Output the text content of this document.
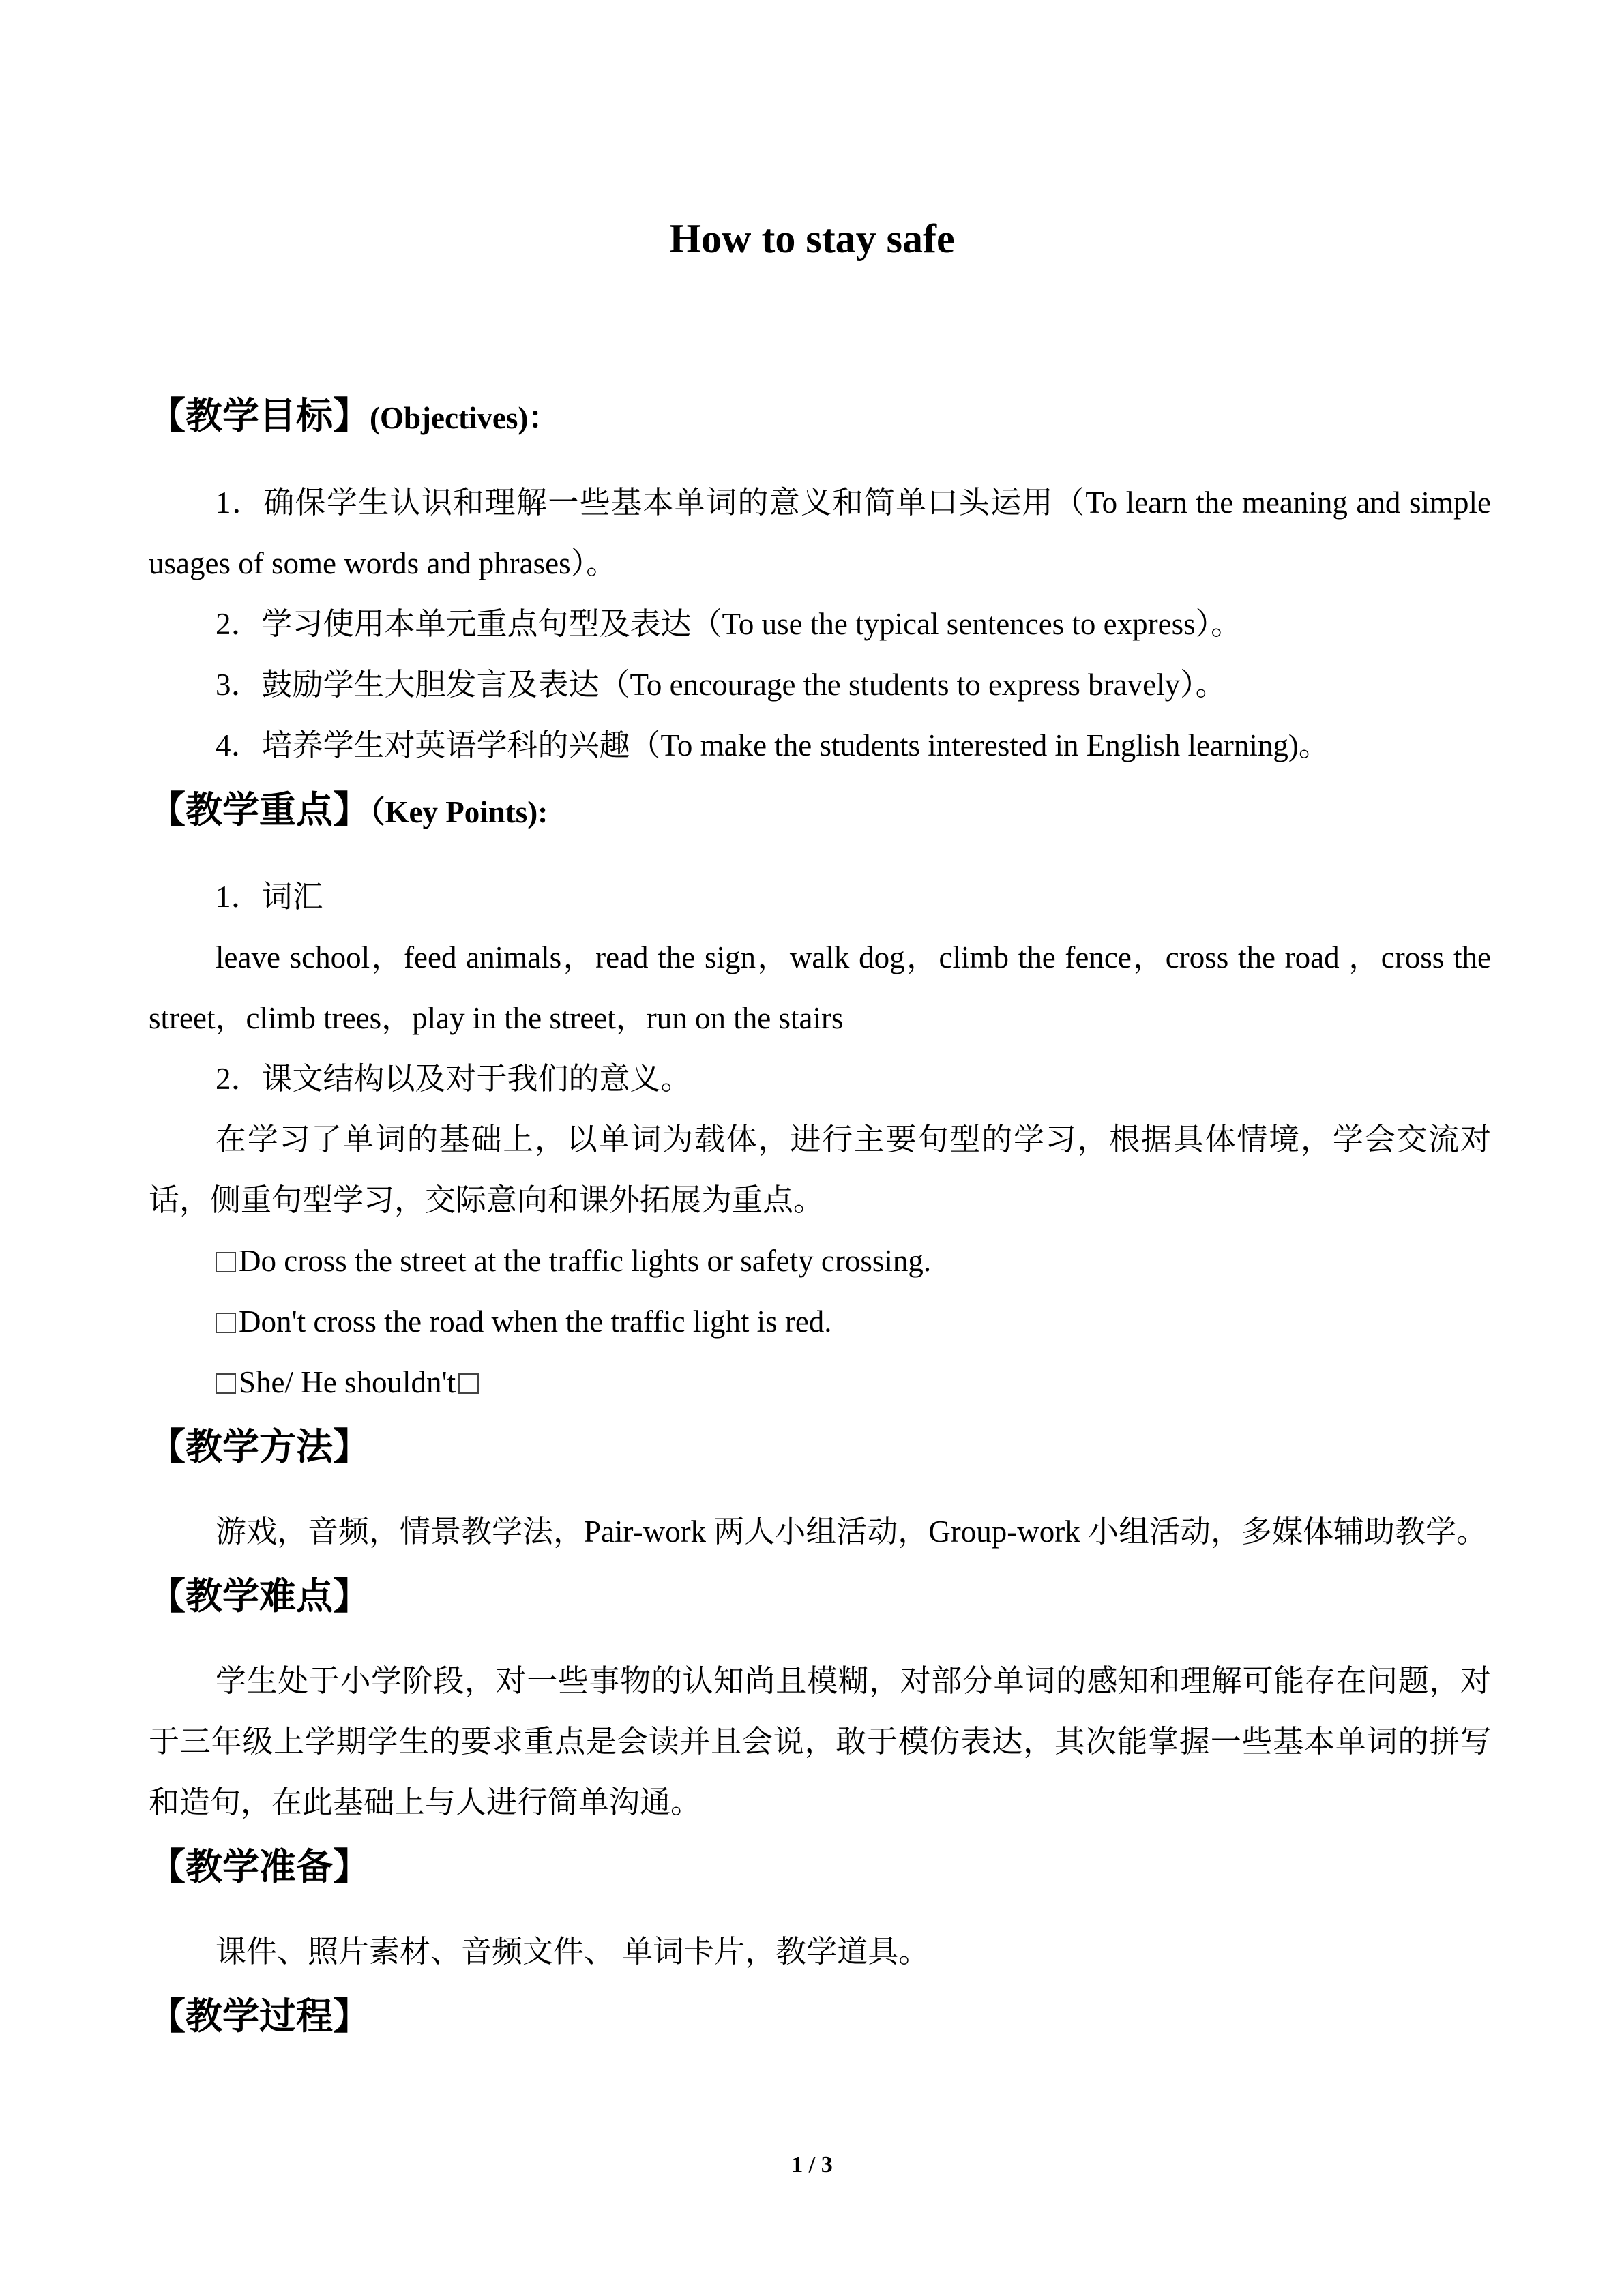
How to stay safe
【教学目标】(Objectives)：

1．确保学生认识和理解一些基本单词的意义和简单口头运用（To learn the meaning and simple usages of some words and phrases）。

2．学习使用本单元重点句型及表达（To use the typical sentences to express）。

3．鼓励学生大胆发言及表达（To encourage the students to express bravely）。

4．培养学生对英语学科的兴趣（To make the students interested in English learning)。

【教学重点】（Key Points):

1．词汇

leave school，feed animals，read the sign，walk dog，climb the fence，cross the road ，cross the street，climb trees，play in the street，run on the stairs

2．课文结构以及对于我们的意义。

在学习了单词的基础上，以单词为载体，进行主要句型的学习，根据具体情境，学会交流对话，侧重句型学习，交际意向和课外拓展为重点。

Do cross the street at the traffic lights or safety crossing.

Don't cross the road when the traffic light is red.

She/ He shouldn't

【教学方法】

游戏，音频，情景教学法，Pair-work 两人小组活动，Group-work 小组活动，多媒体辅助教学。

【教学难点】

学生处于小学阶段，对一些事物的认知尚且模糊，对部分单词的感知和理解可能存在问题，对于三年级上学期学生的要求重点是会读并且会说，敢于模仿表达，其次能掌握一些基本单词的拼写和造句，在此基础上与人进行简单沟通。

【教学准备】

课件、照片素材、音频文件、 单词卡片，教学道具。

【教学过程】
1 / 3
